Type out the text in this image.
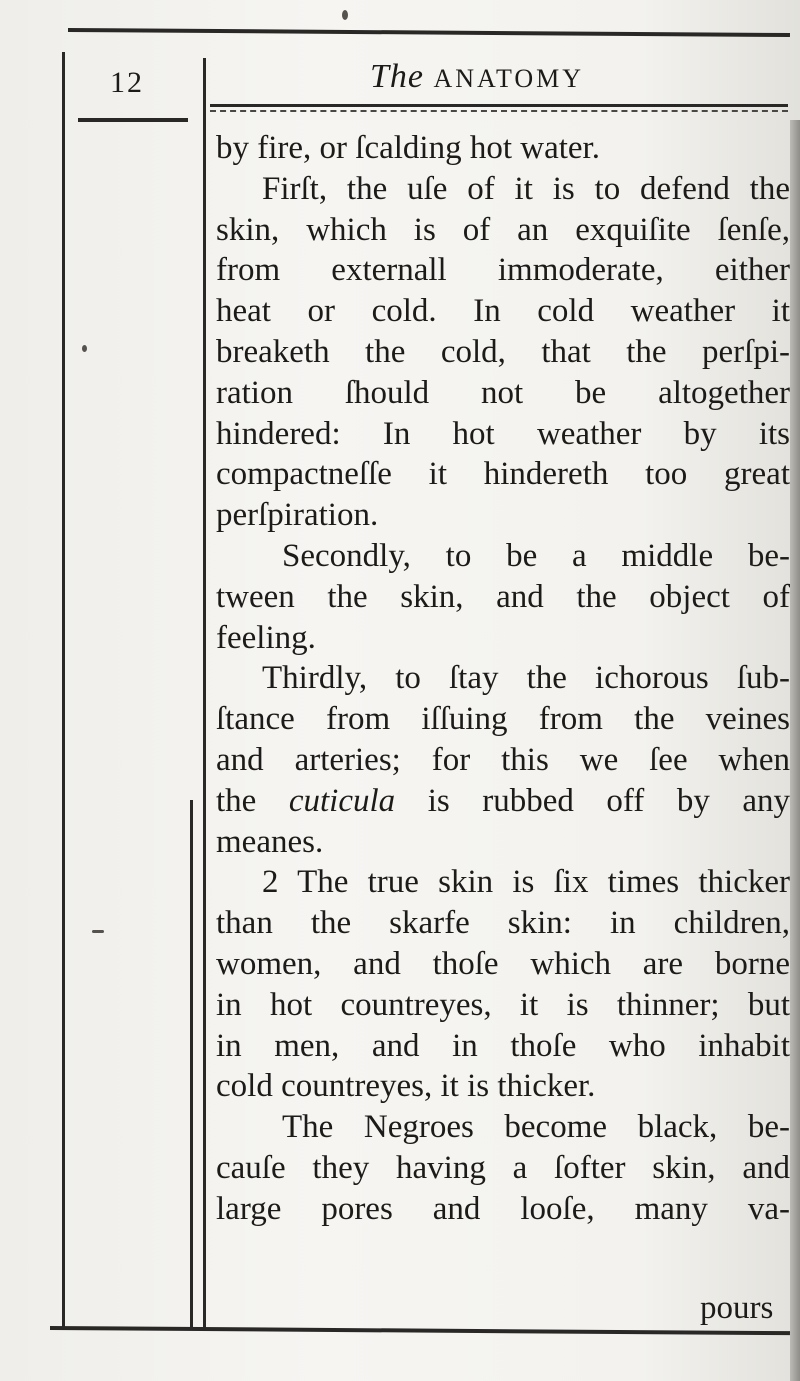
12	The ANATOMY
by fire, or ſcalding hot water.
Firſt, the uſe of it is to defend the
skin, which is of an exquiſite ſenſe,
from externall immoderate, either
heat or cold. In cold weather it
breaketh the cold, that the perſpi-
ration ſhould not be altogether
hindered: In hot weather by its
compactneſſe it hindereth too great
perſpiration.
Secondly, to be a middle be-
tween the skin, and the object of
feeling.
Thirdly, to ſtay the ichorous ſub-
ſtance from iſſuing from the veines
and arteries; for this we ſee when
the cuticula is rubbed off by any
meanes.
2 The true skin is ſix times thicker
than the skarfe skin: in children,
women, and thoſe which are borne
in hot countreyes, it is thinner; but
in men, and in thoſe who inhabit
cold countreyes, it is thicker.
The Negroes become black, be-
cauſe they having a ſofter skin, and
large pores and looſe, many va-
pours
